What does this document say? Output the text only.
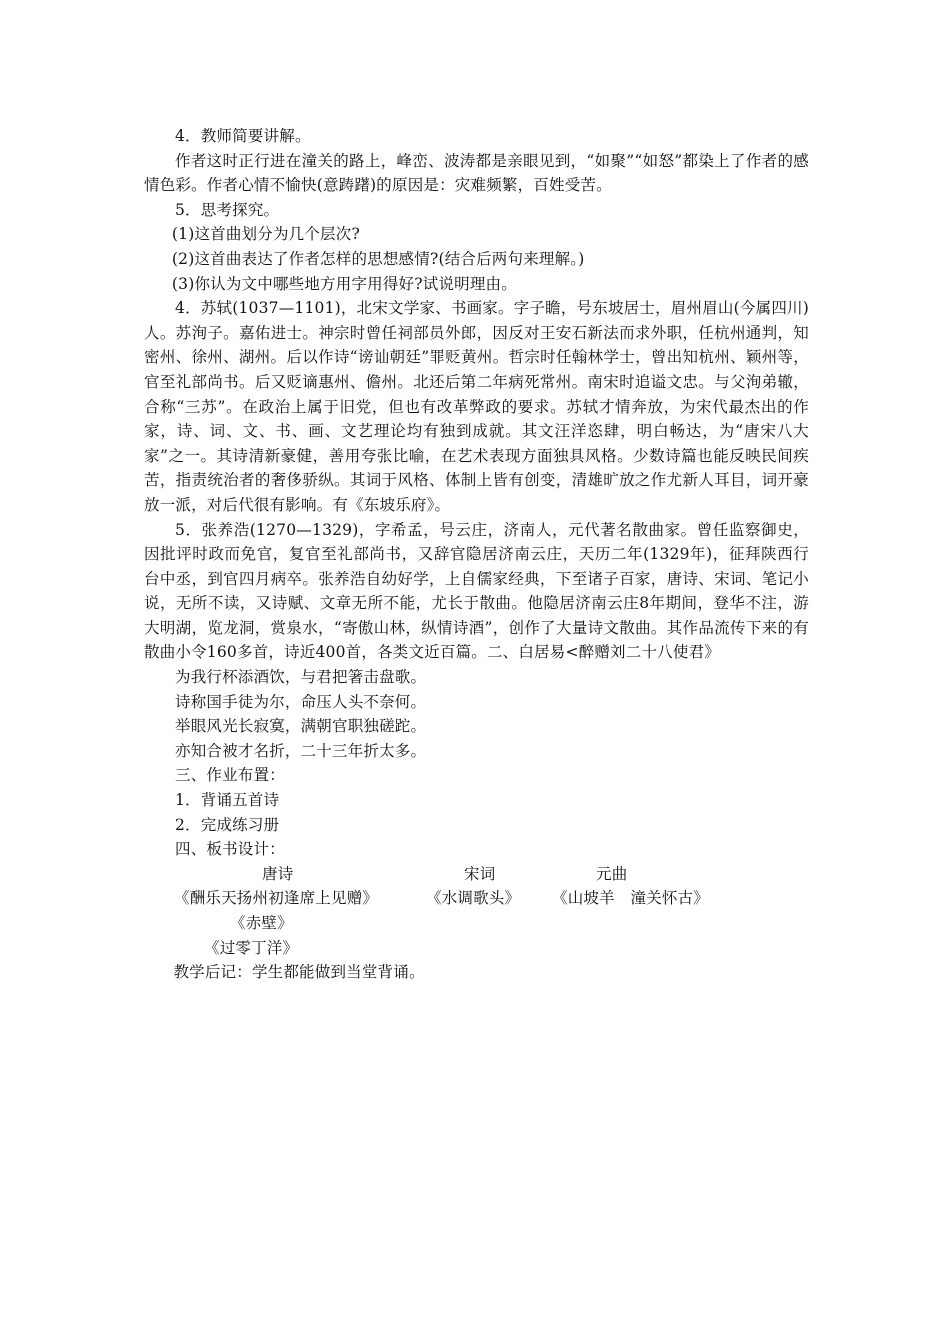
4．教师简要讲解。

作者这时正行进在潼关的路上，峰峦、波涛都是亲眼见到，“如聚”“如怒”都染上了作者的感情色彩。作者心情不愉快(意踌躇)的原因是：灾难频繁，百姓受苦。

5．思考探究。

(1)这首曲划分为几个层次?

(2)这首曲表达了作者怎样的思想感情?(结合后两句来理解。)

(3)你认为文中哪些地方用字用得好?试说明理由。

4．苏轼(1037—1101)，北宋文学家、书画家。字子瞻，号东坡居士，眉州眉山(今属四川)人。苏洵子。嘉佑进士。神宗时曾任祠部员外郎，因反对王安石新法而求外职，任杭州通判，知密州、徐州、湖州。后以作诗“谤讪朝廷”罪贬黄州。哲宗时任翰林学士，曾出知杭州、颖州等，官至礼部尚书。后又贬谪惠州、儋州。北还后第二年病死常州。南宋时追谥文忠。与父洵弟辙，合称“三苏”。在政治上属于旧党，但也有改革弊政的要求。苏轼才情奔放，为宋代最杰出的作家，诗、词、文、书、画、文艺理论均有独到成就。其文汪洋恣肆，明白畅达，为“唐宋八大家”之一。其诗清新豪健，善用夸张比喻，在艺术表现方面独具风格。少数诗篇也能反映民间疾苦，指责统治者的奢侈骄纵。其词于风格、体制上皆有创变，清雄旷放之作尤新人耳目，词开豪放一派，对后代很有影响。有《东坡乐府》。

5．张养浩(1270—1329)，字希孟，号云庄，济南人，元代著名散曲家。曾任监察御史，因批评时政而免官，复官至礼部尚书，又辞官隐居济南云庄，天历二年(1329年)，征拜陕西行台中丞，到官四月病卒。张养浩自幼好学，上自儒家经典，下至诸子百家，唐诗、宋词、笔记小说，无所不读，又诗赋、文章无所不能，尤长于散曲。他隐居济南云庄8年期间，登华不注，游大明湖，览龙洞，赏泉水，“寄傲山林，纵情诗酒”，创作了大量诗文散曲。其作品流传下来的有散曲小令160多首，诗近400首，各类文近百篇。二、白居易<醉赠刘二十八使君》

为我行杯添酒饮，与君把箸击盘歌。

诗称国手徒为尔，命压人头不奈何。

举眼风光长寂寞，满朝官职独磋跎。

亦知合被才名折，二十三年折太多。

三、作业布置：

1．背诵五首诗

2．完成练习册

四、板书设计：

唐诗	宋词	元曲
《酬乐天扬州初逢席上见赠》	《水调歌头》 《山坡羊　潼关怀古》
《赤壁》
《过零丁洋》

教学后记：学生都能做到当堂背诵。
